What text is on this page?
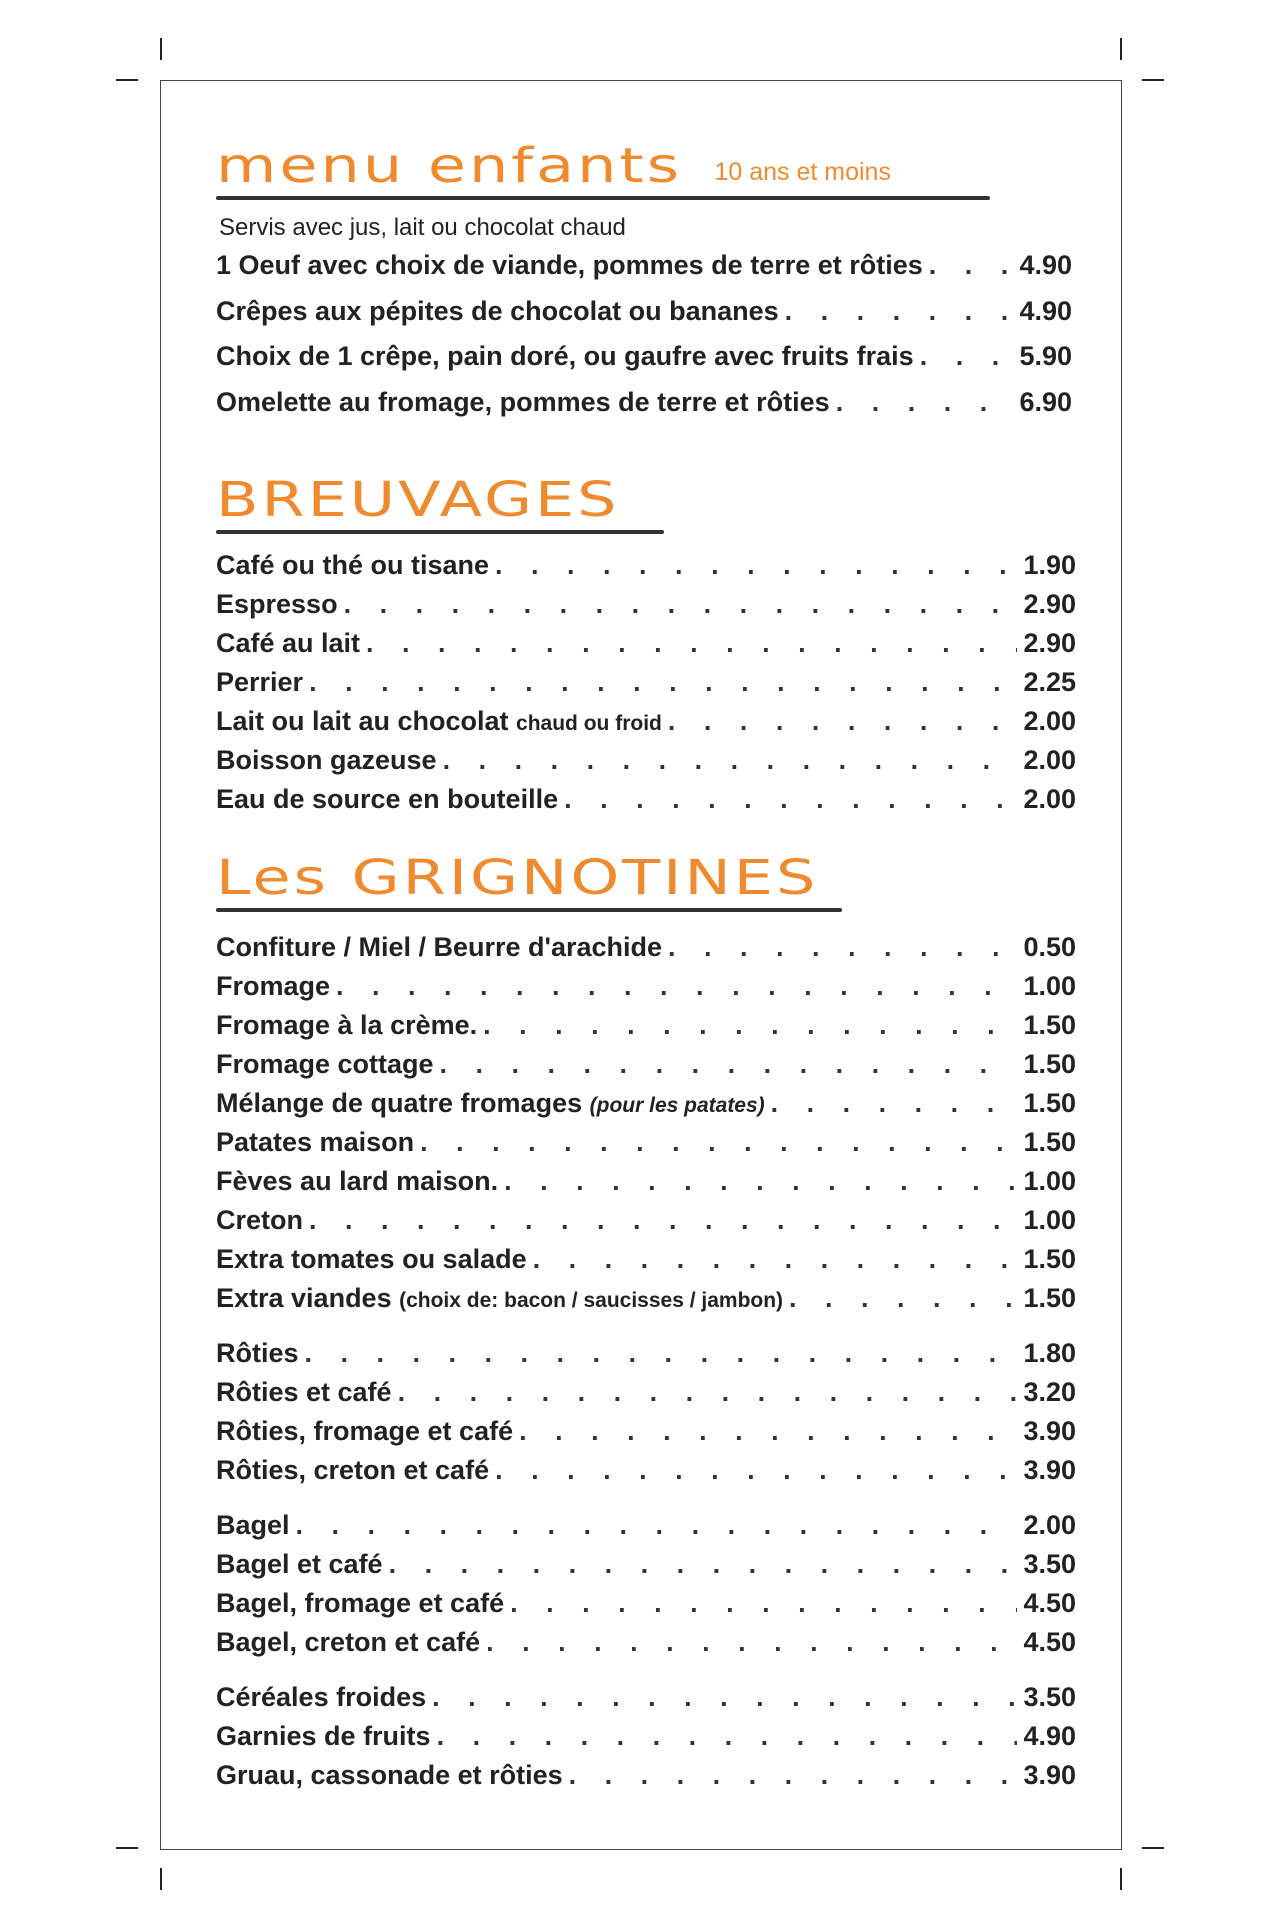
menu enfants 10 ans et moins
Servis avec jus, lait ou chocolat chaud
1 Oeuf avec choix de viande, pommes de terre et rôties . . .	4.90
Crêpes aux pépites de chocolat ou bananes . . .	4.90
Choix de 1 crêpe, pain doré, ou gaufre avec fruits frais . . .	5.90
Omelette au fromage, pommes de terre et rôties . . .	6.90
BREUVAGES
Café ou thé ou tisane . . .	1.90
Espresso . . .	2.90
Café au lait . . .	2.90
Perrier . . .	2.25
Lait ou lait au chocolat chaud ou froid . . .	2.00
Boisson gazeuse . . .	2.00
Eau de source en bouteille . . .	2.00
Les GRIGNOTINES
Confiture / Miel / Beurre d'arachide . . .	0.50
Fromage . . .	1.00
Fromage à la crème. . . .	1.50
Fromage cottage . . .	1.50
Mélange de quatre fromages (pour les patates) . . .	1.50
Patates maison . . .	1.50
Fèves au lard maison. . . .	1.00
Creton . . .	1.00
Extra tomates ou salade . . .	1.50
Extra viandes (choix de: bacon / saucisses / jambon) . . .	1.50
Rôties . . .	1.80
Rôties et café . . .	3.20
Rôties, fromage et café . . .	3.90
Rôties, creton et café . . .	3.90
Bagel . . .	2.00
Bagel et café . . .	3.50
Bagel, fromage et café . . .	4.50
Bagel, creton et café . . .	4.50
Céréales froides . . .	3.50
Garnies de fruits . . .	4.90
Gruau, cassonade et rôties . . .	3.90
